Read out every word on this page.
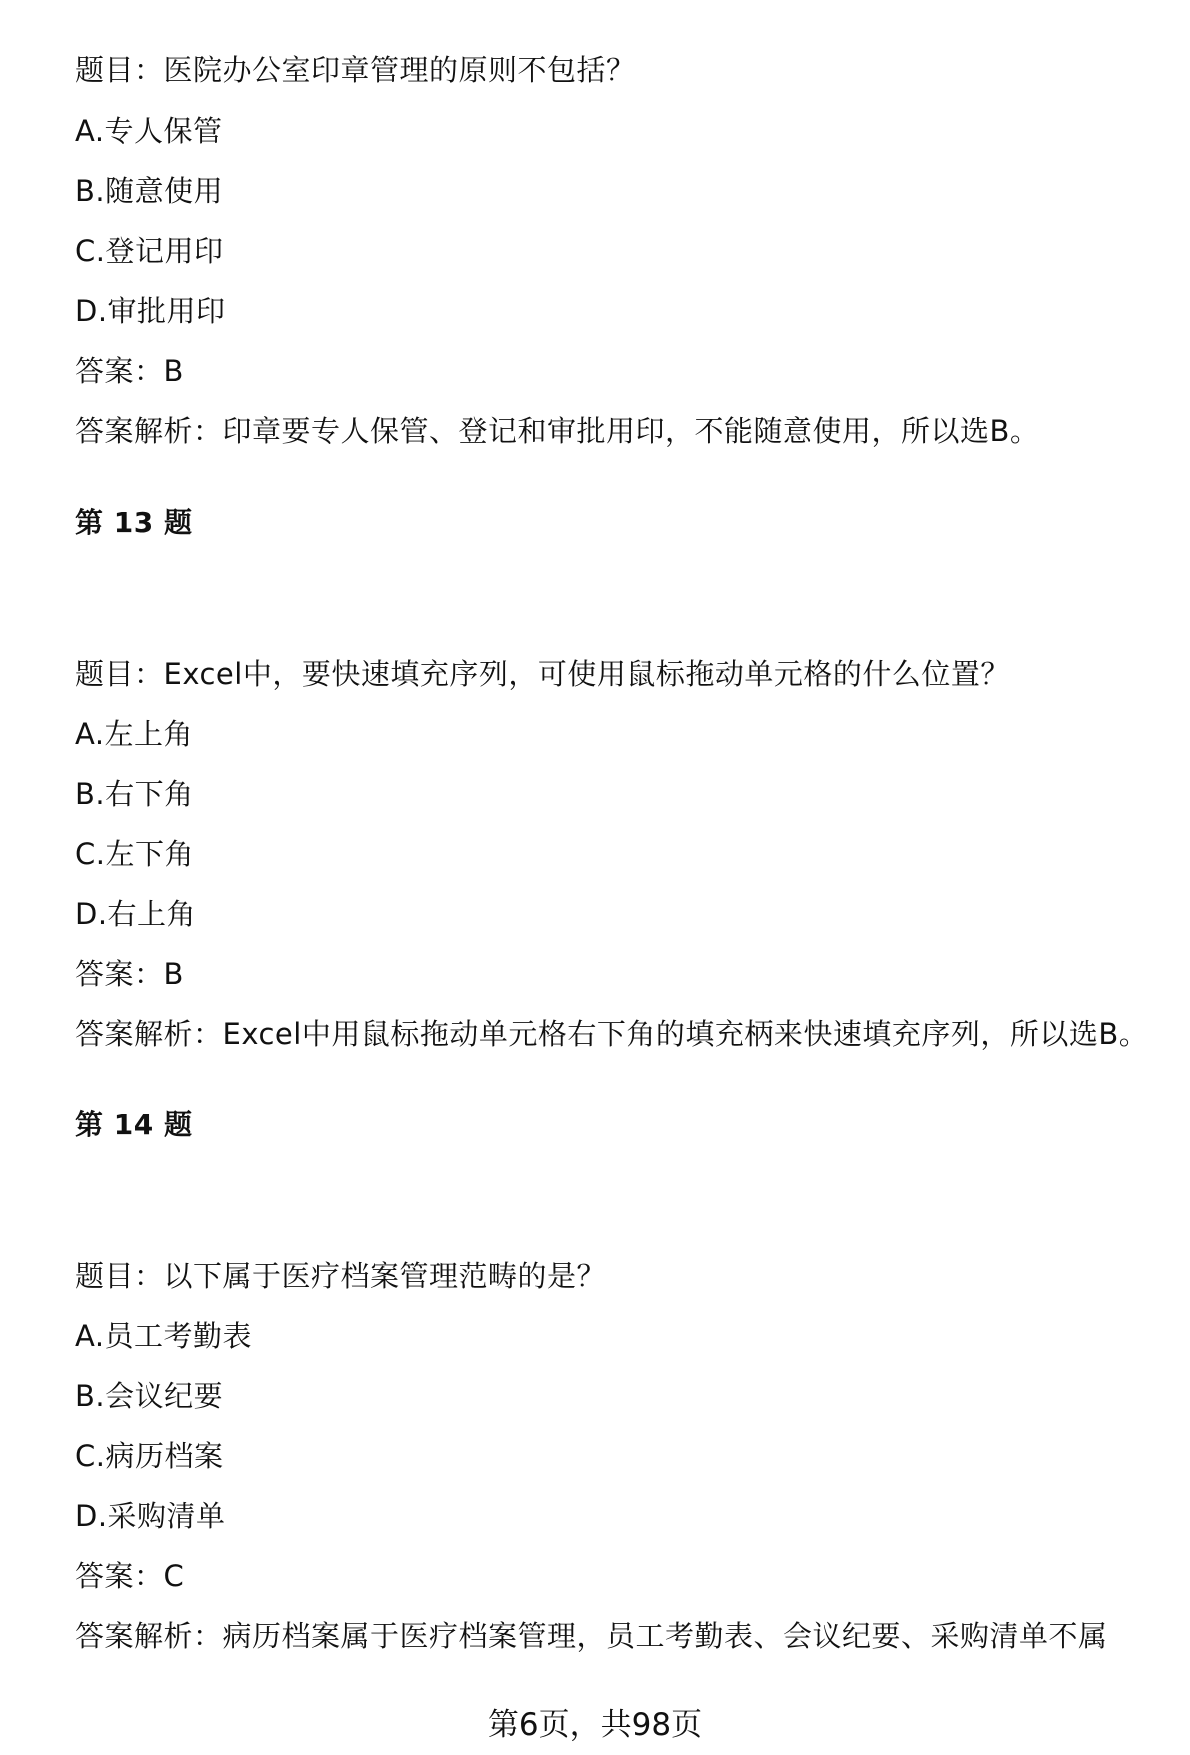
题目：医院办公室印章管理的原则不包括？
A.专人保管
B.随意使用
C.登记用印
D.审批用印
答案：B
答案解析：印章要专人保管、登记和审批用印，不能随意使用，所以选B。
第 13 题
题目：Excel中，要快速填充序列，可使用鼠标拖动单元格的什么位置？
A.左上角
B.右下角
C.左下角
D.右上角
答案：B
答案解析：Excel中用鼠标拖动单元格右下角的填充柄来快速填充序列，所以选B。
第 14 题
题目：以下属于医疗档案管理范畴的是？
A.员工考勤表
B.会议纪要
C.病历档案
D.采购清单
答案：C
答案解析：病历档案属于医疗档案管理，员工考勤表、会议纪要、采购清单不属
第6页，共98页
